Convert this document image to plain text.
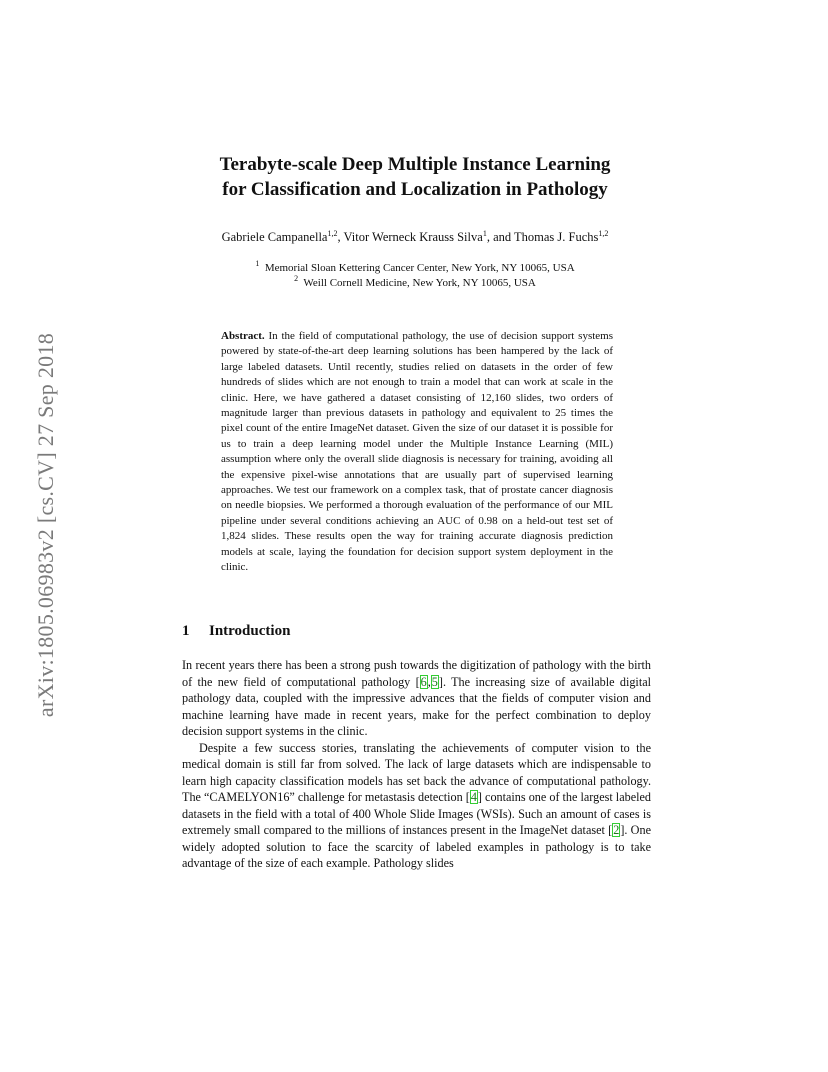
arXiv:1805.06983v2 [cs.CV] 27 Sep 2018
Terabyte-scale Deep Multiple Instance Learning
for Classification and Localization in Pathology
Gabriele Campanella$^{1,2}$, Vitor Werneck Krauss Silva$^1$, and Thomas J. Fuchs$^{1,2}$
$^1$ Memorial Sloan Kettering Cancer Center, New York, NY 10065, USA
$^2$ Weill Cornell Medicine, New York, NY 10065, USA
Abstract. In the field of computational pathology, the use of decision support systems powered by state-of-the-art deep learning solutions has been hampered by the lack of large labeled datasets. Until recently, studies relied on datasets in the order of few hundreds of slides which are not enough to train a model that can work at scale in the clinic. Here, we have gathered a dataset consisting of 12,160 slides, two orders of magnitude larger than previous datasets in pathology and equivalent to 25 times the pixel count of the entire ImageNet dataset. Given the size of our dataset it is possible for us to train a deep learning model under the Multiple Instance Learning (MIL) assumption where only the overall slide diagnosis is necessary for training, avoiding all the expensive pixel-wise annotations that are usually part of supervised learning approaches. We test our framework on a complex task, that of prostate cancer diagnosis on needle biopsies. We performed a thorough evaluation of the performance of our MIL pipeline under several conditions achieving an AUC of 0.98 on a held-out test set of 1,824 slides. These results open the way for training accurate diagnosis prediction models at scale, laying the foundation for decision support system deployment in the clinic.
1 Introduction

In recent years there has been a strong push towards the digitization of pathology with the birth of the new field of computational pathology [6,5]. The increasing size of available digital pathology data, coupled with the impressive advances that the fields of computer vision and machine learning have made in recent years, make for the perfect combination to deploy decision support systems in the clinic.

Despite a few success stories, translating the achievements of computer vision to the medical domain is still far from solved. The lack of large datasets which are indispensable to learn high capacity classification models has set back the advance of computational pathology. The “CAMELYON16” challenge for metastasis detection [4] contains one of the largest labeled datasets in the field with a total of 400 Whole Slide Images (WSIs). Such an amount of cases is extremely small compared to the millions of instances present in the ImageNet dataset [2]. One widely adopted solution to face the scarcity of labeled examples in pathology is to take advantage of the size of each example. Pathology slides
